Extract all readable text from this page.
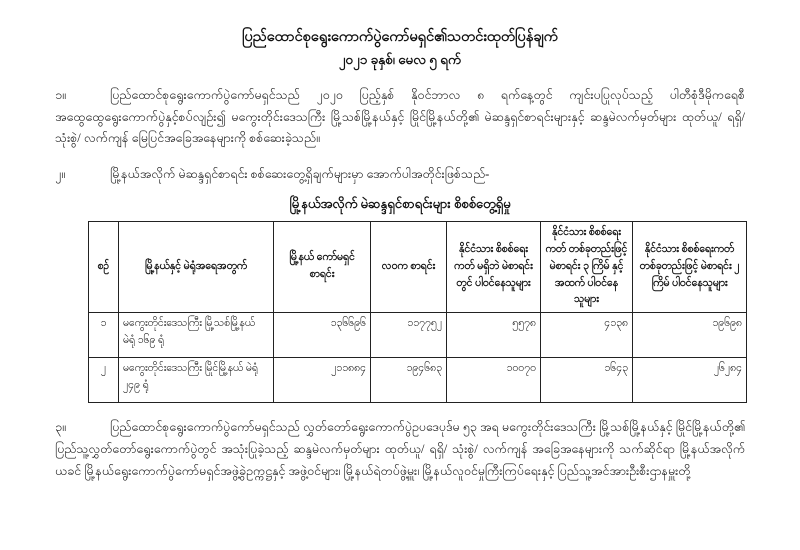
ပြည်ထောင်စုရွေးကောက်ပွဲကော်မရှင်၏သတင်းထုတ်ပြန်ချက်
၂၀၂၁ ခုနှစ်၊ မေလ ၅ ရက်
၁။	ပြည်ထောင်စုရွေးကောက်ပွဲကော်မရှင်သည် ၂၀၂၀ ပြည့်နှစ် နိုဝင်ဘာလ ၈ ရက်နေ့တွင် ကျင်းပပြုလုပ်သည့် ပါတီစုံဒီမိုကရေစီအထွေထွေရွေးကောက်ပွဲနှင့်စပ်လျဉ်း၍ မကွေးတိုင်းဒေသကြီး မြို့သစ်မြို့နယ်နှင့် မြိုင်မြို့နယ်တို့၏ မဲဆန္ဒရှင်စာရင်းများနှင့် ဆန္ဒမဲလက်မှတ်များ ထုတ်ယူ/ ရရှိ/ သုံးစွဲ/ လက်ကျန် မြေပြင်အခြေအနေများကို စစ်ဆေးခဲ့သည်။
၂။	မြို့နယ်အလိုက် မဲဆန္ဒရှင်စာရင်း စစ်ဆေးတွေ့ရှိချက်များမှာ အောက်ပါအတိုင်းဖြစ်သည်-
မြို့နယ်အလိုက် မဲဆန္ဒရှင်စာရင်းများ စိစစ်တွေ့ရှိမှု
စဉ်	မြို့နယ်နှင့် မဲရုံအရေအတွက်	မြို့နယ် ကော်မရှင် စာရင်း	လဝက စာရင်း	နိုင်ငံသား စိစစ်ရေးကတ် မရှိဘဲ မဲစာရင်းတွင် ပါဝင်နေသူများ	နိုင်ငံသား စိစစ်ရေးကတ် တစ်ခုတည်းဖြင့် မဲစာရင်း ၃ ကြိမ် နှင့် အထက် ပါဝင်နေသူများ	နိုင်ငံသား စိစစ်ရေးကတ် တစ်ခုတည်းဖြင့် မဲစာရင်း ၂ ကြိမ် ပါဝင်နေသူများ
၁	မကွေးတိုင်းဒေသကြီး မြို့သစ်မြို့နယ် မဲရုံ ၁၆၉ ရုံ	၁၃၆၆၉၆	၁၁၇၇၅၂	၅၅၇၈	၄၁၃၈	၁၉၆၉၈
၂	မကွေးတိုင်းဒေသကြီး မြိုင်မြို့နယ် မဲရုံ ၂၄၉ ရုံ	၂၁၁၈၈၄	၁၉၄၆၈၃	၁၀၀၇၀	၁၆၄၃	၂၆၂၈၄
၃။	ပြည်ထောင်စုရွေးကောက်ပွဲကော်မရှင်သည် လွှတ်တော်ရွေးကောက်ပွဲဥပဒေပုဒ်မ ၅၃ အရ မကွေးတိုင်းဒေသကြီး မြို့သစ်မြို့နယ်နှင့် မြိုင်မြို့နယ်တို့၏ ပြည်သူ့လွှတ်တော်ရွေးကောက်ပွဲတွင် အသုံးပြုခဲ့သည့် ဆန္ဒမဲလက်မှတ်များ ထုတ်ယူ/ ရရှိ/ သုံးစွဲ/ လက်ကျန် အခြေအနေများကို သက်ဆိုင်ရာ မြို့နယ်အလိုက် ယခင် မြို့နယ်ရွေးကောက်ပွဲကော်မရှင်အဖွဲ့ခွဲဥက္ကဋ္ဌနှင့် အဖွဲ့ဝင်များ၊ မြို့နယ်ရဲတပ်ဖွဲ့မှူး၊ မြို့နယ်လူဝင်မှုကြီးကြပ်ရေးနှင့် ပြည်သူ့အင်အားဦးစီးဌာနမှူးတို့
